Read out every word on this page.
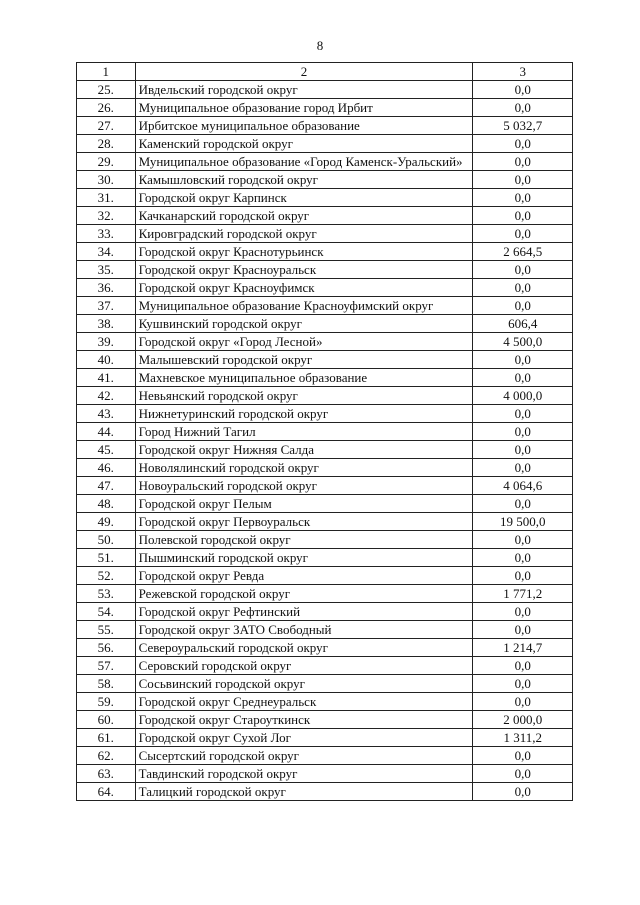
8
1	2	3
25.	Ивдельский городской округ	0,0
26.	Муниципальное образование город Ирбит	0,0
27.	Ирбитское муниципальное образование	5 032,7
28.	Каменский городской округ	0,0
29.	Муниципальное образование «Город Каменск-Уральский»	0,0
30.	Камышловский городской округ	0,0
31.	Городской округ Карпинск	0,0
32.	Качканарский городской округ	0,0
33.	Кировградский городской округ	0,0
34.	Городской округ Краснотурьинск	2 664,5
35.	Городской округ Красноуральск	0,0
36.	Городской округ Красноуфимск	0,0
37.	Муниципальное образование Красноуфимский округ	0,0
38.	Кушвинский городской округ	606,4
39.	Городской округ «Город Лесной»	4 500,0
40.	Малышевский городской округ	0,0
41.	Махневское муниципальное образование	0,0
42.	Невьянский городской округ	4 000,0
43.	Нижнетуринский городской округ	0,0
44.	Город Нижний Тагил	0,0
45.	Городской округ Нижняя Салда	0,0
46.	Новолялинский городской округ	0,0
47.	Новоуральский городской округ	4 064,6
48.	Городской округ Пелым	0,0
49.	Городской округ Первоуральск	19 500,0
50.	Полевской городской округ	0,0
51.	Пышминский городской округ	0,0
52.	Городской округ Ревда	0,0
53.	Режевской городской округ	1 771,2
54.	Городской округ Рефтинский	0,0
55.	Городской округ ЗАТО Свободный	0,0
56.	Североуральский городской округ	1 214,7
57.	Серовский городской округ	0,0
58.	Сосьвинский городской округ	0,0
59.	Городской округ Среднеуральск	0,0
60.	Городской округ Староуткинск	2 000,0
61.	Городской округ Сухой Лог	1 311,2
62.	Сысертский городской округ	0,0
63.	Тавдинский городской округ	0,0
64.	Талицкий городской округ	0,0
